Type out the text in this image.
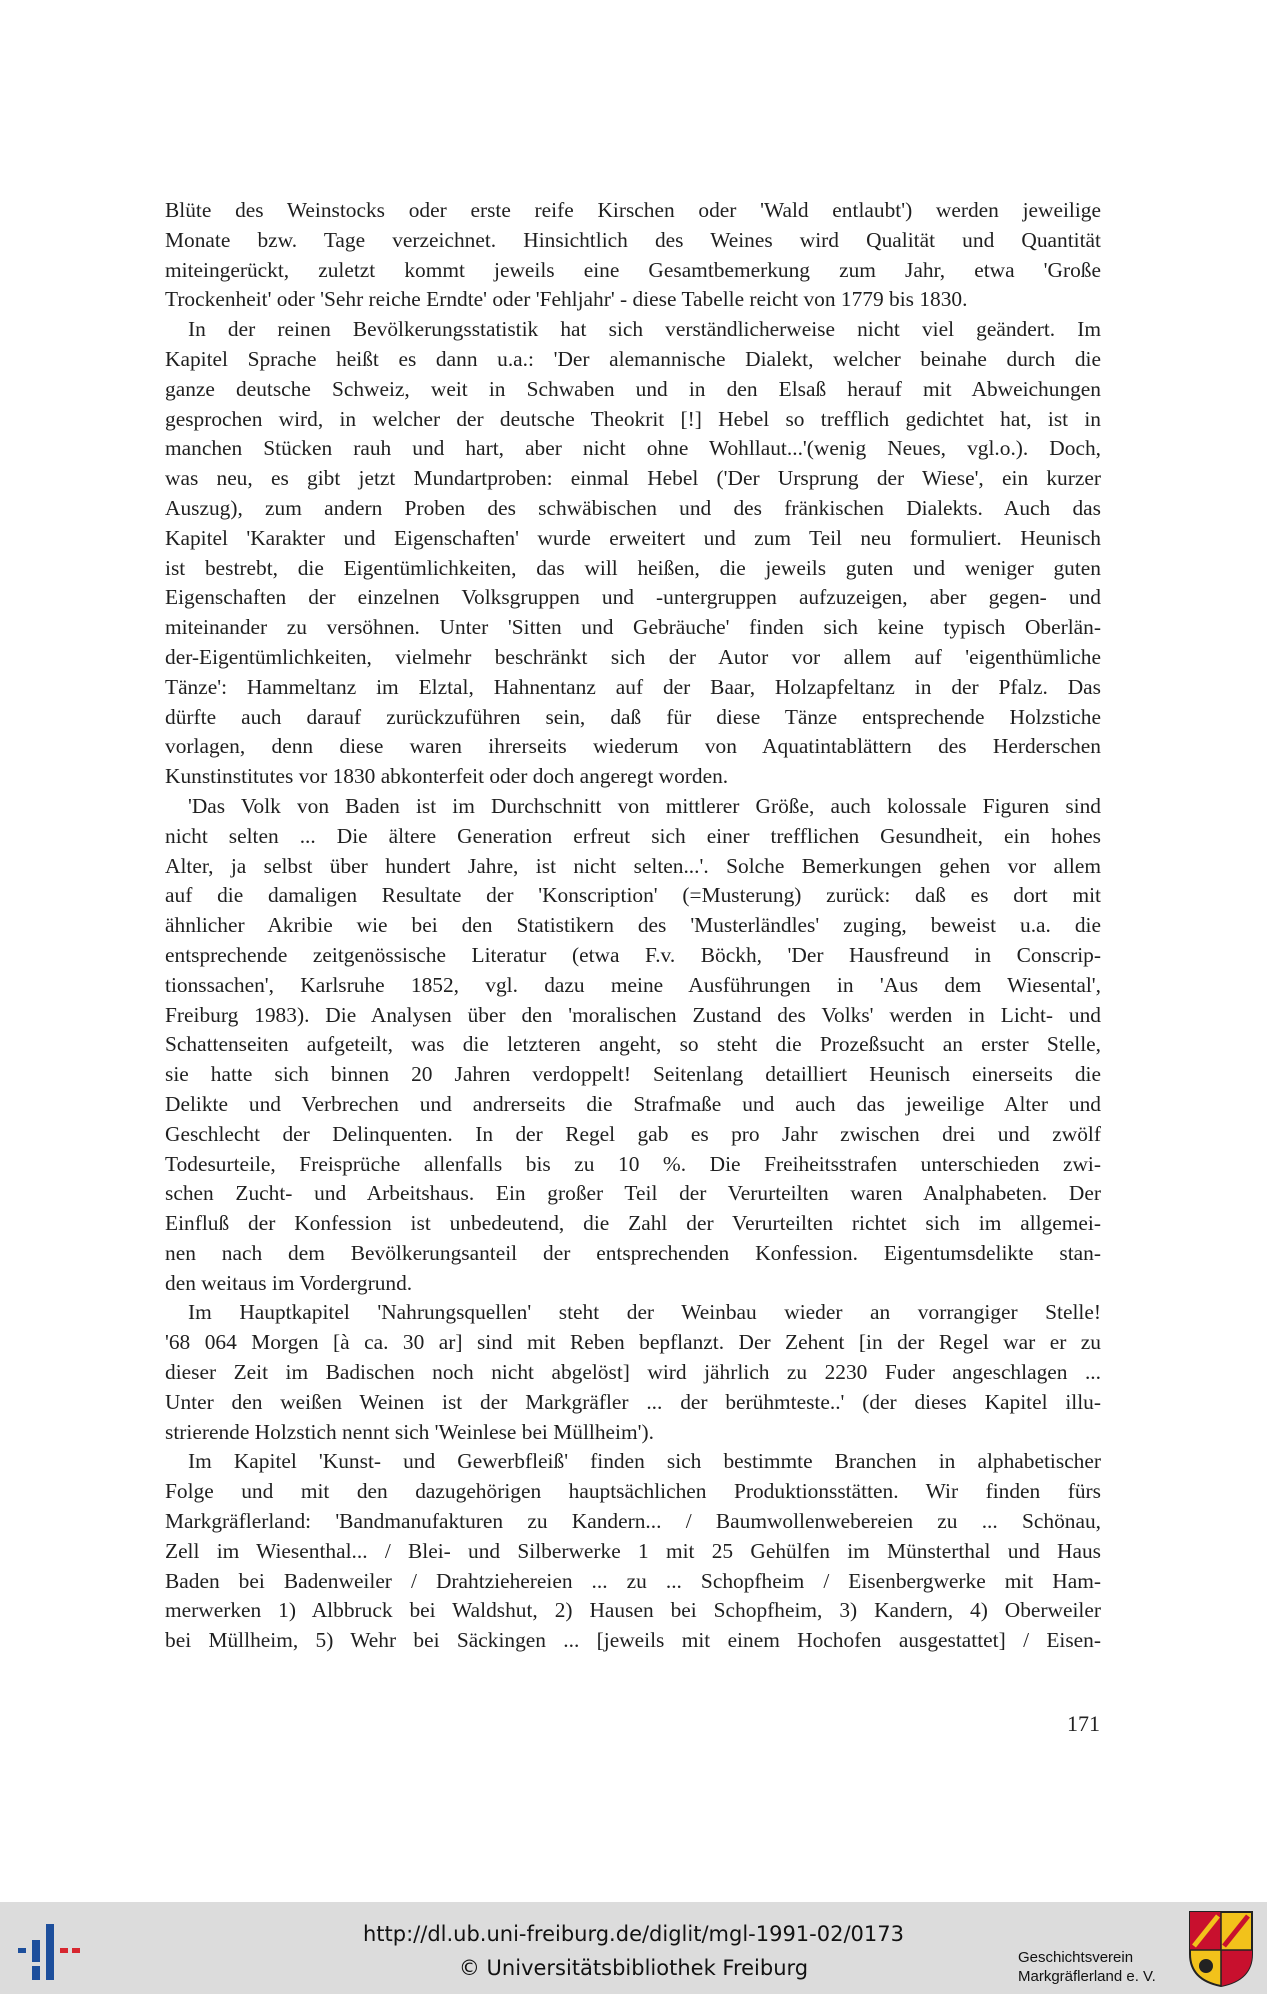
Blüte des Weinstocks oder erste reife Kirschen oder 'Wald entlaubt') werden jeweilige
Monate bzw. Tage verzeichnet. Hinsichtlich des Weines wird Qualität und Quantität
miteingerückt, zuletzt kommt jeweils eine Gesamtbemerkung zum Jahr, etwa 'Große
Trockenheit' oder 'Sehr reiche Erndte' oder 'Fehljahr' - diese Tabelle reicht von 1779 bis 1830.

In der reinen Bevölkerungsstatistik hat sich verständlicherweise nicht viel geändert. Im
Kapitel Sprache heißt es dann u.a.: 'Der alemannische Dialekt, welcher beinahe durch die
ganze deutsche Schweiz, weit in Schwaben und in den Elsaß herauf mit Abweichungen
gesprochen wird, in welcher der deutsche Theokrit [!] Hebel so trefflich gedichtet hat, ist in
manchen Stücken rauh und hart, aber nicht ohne Wohllaut...'(wenig Neues, vgl.o.). Doch,
was neu, es gibt jetzt Mundartproben: einmal Hebel ('Der Ursprung der Wiese', ein kurzer
Auszug), zum andern Proben des schwäbischen und des fränkischen Dialekts. Auch das
Kapitel 'Karakter und Eigenschaften' wurde erweitert und zum Teil neu formuliert. Heunisch
ist bestrebt, die Eigentümlichkeiten, das will heißen, die jeweils guten und weniger guten
Eigenschaften der einzelnen Volksgruppen und -untergruppen aufzuzeigen, aber gegen- und
miteinander zu versöhnen. Unter 'Sitten und Gebräuche' finden sich keine typisch Oberlän-
der-Eigentümlichkeiten, vielmehr beschränkt sich der Autor vor allem auf 'eigenthümliche
Tänze': Hammeltanz im Elztal, Hahnentanz auf der Baar, Holzapfeltanz in der Pfalz. Das
dürfte auch darauf zurückzuführen sein, daß für diese Tänze entsprechende Holzstiche
vorlagen, denn diese waren ihrerseits wiederum von Aquatintablättern des Herderschen
Kunstinstitutes vor 1830 abkonterfeit oder doch angeregt worden.

'Das Volk von Baden ist im Durchschnitt von mittlerer Größe, auch kolossale Figuren sind
nicht selten ... Die ältere Generation erfreut sich einer trefflichen Gesundheit, ein hohes
Alter, ja selbst über hundert Jahre, ist nicht selten...'. Solche Bemerkungen gehen vor allem
auf die damaligen Resultate der 'Konscription' (=Musterung) zurück: daß es dort mit
ähnlicher Akribie wie bei den Statistikern des 'Musterländles' zuging, beweist u.a. die
entsprechende zeitgenössische Literatur (etwa F.v. Böckh, 'Der Hausfreund in Conscrip-
tionssachen', Karlsruhe 1852, vgl. dazu meine Ausführungen in 'Aus dem Wiesental',
Freiburg 1983). Die Analysen über den 'moralischen Zustand des Volks' werden in Licht- und
Schattenseiten aufgeteilt, was die letzteren angeht, so steht die Prozeßsucht an erster Stelle,
sie hatte sich binnen 20 Jahren verdoppelt! Seitenlang detailliert Heunisch einerseits die
Delikte und Verbrechen und andrerseits die Strafmaße und auch das jeweilige Alter und
Geschlecht der Delinquenten. In der Regel gab es pro Jahr zwischen drei und zwölf
Todesurteile, Freisprüche allenfalls bis zu 10 %. Die Freiheitsstrafen unterschieden zwi-
schen Zucht- und Arbeitshaus. Ein großer Teil der Verurteilten waren Analphabeten. Der
Einfluß der Konfession ist unbedeutend, die Zahl der Verurteilten richtet sich im allgemei-
nen nach dem Bevölkerungsanteil der entsprechenden Konfession. Eigentumsdelikte stan-
den weitaus im Vordergrund.

Im Hauptkapitel 'Nahrungsquellen' steht der Weinbau wieder an vorrangiger Stelle!
'68 064 Morgen [à ca. 30 ar] sind mit Reben bepflanzt. Der Zehent [in der Regel war er zu
dieser Zeit im Badischen noch nicht abgelöst] wird jährlich zu 2230 Fuder angeschlagen ...
Unter den weißen Weinen ist der Markgräfler ... der berühmteste..' (der dieses Kapitel illu-
strierende Holzstich nennt sich 'Weinlese bei Müllheim').

Im Kapitel 'Kunst- und Gewerbfleiß' finden sich bestimmte Branchen in alphabetischer
Folge und mit den dazugehörigen hauptsächlichen Produktionsstätten. Wir finden fürs
Markgräflerland: 'Bandmanufakturen zu Kandern... / Baumwollenwebereien zu ... Schönau,
Zell im Wiesenthal... / Blei- und Silberwerke 1 mit 25 Gehülfen im Münsterthal und Haus
Baden bei Badenweiler / Drahtziehereien ... zu ... Schopfheim / Eisenbergwerke mit Ham-
merwerken 1) Albbruck bei Waldshut, 2) Hausen bei Schopfheim, 3) Kandern, 4) Oberweiler
bei Müllheim, 5) Wehr bei Säckingen ... [jeweils mit einem Hochofen ausgestattet] / Eisen-

171
http://dl.ub.uni-freiburg.de/diglit/mgl-1991-02/0173
© Universitätsbibliothek Freiburg	Geschichtsverein
Markgräflerland e. V.
